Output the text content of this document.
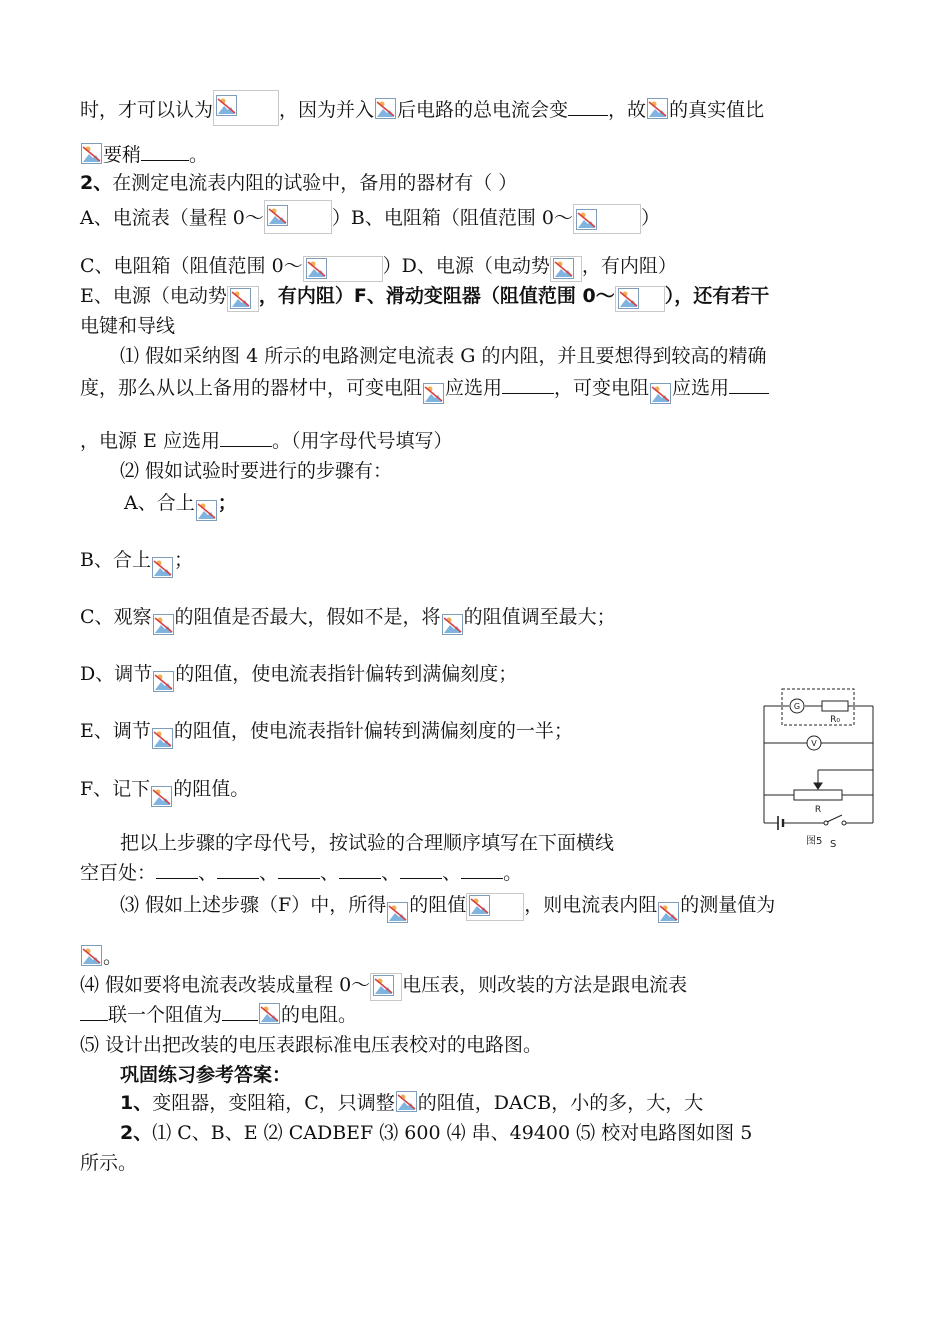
时，才可以认为	，因为并入 后电路的总电流会变 ，故 的真实值比
要稍	。
2、在测定电流表内阻的试验中，备用的器材有（ ）
A、电流表（量程 0～	）B、电阻箱（阻值范围 0～	）
C、电阻箱（阻值范围 0～	）D、电源（电动势 ，有内阻）
E、电源（电动势 ，有内阻）F、滑动变阻器（阻值范围 0～	），还有若干
电键和导线
⑴ 假如采纳图 4 所示的电路测定电流表 G 的内阻，并且要想得到较高的精确
度，那么从以上备用的器材中，可变电阻 应选用	，可变电阻 应选用
，电源 E 应选用	。（用字母代号填写）
⑵ 假如试验时要进行的步骤有：
A、合上 ；
B、合上 ；
C、观察 的阻值是否最大，假如不是，将 的阻值调至最大；
D、调节 的阻值，使电流表指针偏转到满偏刻度；
E、调节 的阻值，使电流表指针偏转到满偏刻度的一半；
F、记下 的阻值。
把以上步骤的字母代号，按试验的合理顺序填写在下面横线
空百处： 、 、 、 、 、 。
⑶ 假如上述步骤（F）中，所得 的阻值	，则电流表内阻 的测量值为
。
⑷ 假如要将电流表改装成量程 0～ 电压表，则改装的方法是跟电流表
联一个阻值为	的电阻。
⑸ 设计出把改装的电压表跟标准电压表校对的电路图。
巩固练习参考答案：
1、变阻器，变阻箱，C，只调整 的阻值，DACB，小的多，大，大
2、⑴ C、B、E ⑵ CADBEF ⑶ 600 ⑷ 串、49400 ⑸ 校对电路图如图 5
所示。
G
R₀
V
R
图5 S
